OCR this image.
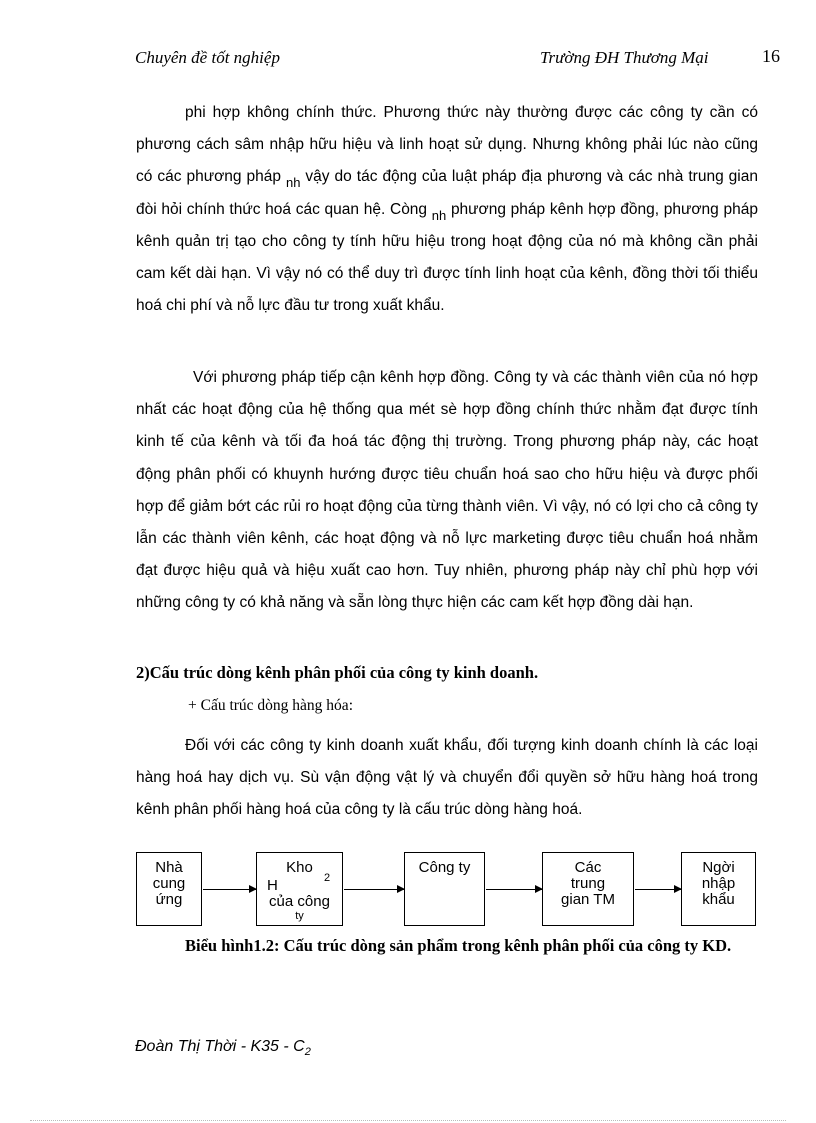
Chuyên đề tốt nghiệp	Trường ĐH Thương Mại	16

phi hợp không chính thức. Phương thức này thường được các công ty cần có phương cách sâm nhập hữu hiệu và linh hoạt sử dụng. Nhưng không phải lúc nào cũng có các phương pháp $_{nh}$ vậy do tác động của luật pháp địa phương và các nhà trung gian đòi hỏi chính thức hoá các quan hệ. Còng $_{nh}$ phương pháp kênh hợp đồng, phương pháp kênh quản trị tạo cho công ty tính hữu hiệu trong hoạt động của nó mà không cần phải cam kết dài hạn. Vì vậy nó có thể duy trì được tính linh hoạt của kênh, đồng thời tối thiểu hoá chi phí và nỗ lực đầu tư trong xuất khẩu.

Với phương pháp tiếp cận kênh hợp đồng. Công ty và các thành viên của nó hợp nhất các hoạt động của hệ thống qua mét sè hợp đồng chính thức nhằm đạt được tính kinh tế của kênh và tối đa hoá tác động thị trường. Trong phương pháp này, các hoạt động phân phối có khuynh hướng được tiêu chuẩn hoá sao cho hữu hiệu và được phối hợp để giảm bớt các rủi ro hoạt động của từng thành viên. Vì vậy, nó có lợi cho cả công ty lẫn các thành viên kênh, các hoạt động và nỗ lực marketing được tiêu chuẩn hoá nhằm đạt được hiệu quả và hiệu xuất cao hơn. Tuy nhiên, phương pháp này chỉ phù hợp với những công ty có khả năng và sẵn lòng thực hiện các cam kết hợp đồng dài hạn.

2)Cấu trúc dòng kênh phân phối của công ty kinh doanh.
+ Cấu trúc dòng hàng hóa:

Đối với các công ty kinh doanh xuất khẩu, đối tượng kinh doanh chính là các loại hàng hoá hay dịch vụ. Sù vận động vật lý và chuyển đổi quyền sở hữu hàng hoá trong kênh phân phối hàng hoá của công ty là cấu trúc dòng hàng hoá.

Nhà
cung
ứng
Kho
H	2
của công
ty
Công ty	Các
trung
gian TM
Ngời
nhập
khẩu
Biểu hình1.2: Cấu trúc dòng sản phẩm trong kênh phân phối của công ty KD.
Đoàn Thị Thời - $K35 - C_2$
